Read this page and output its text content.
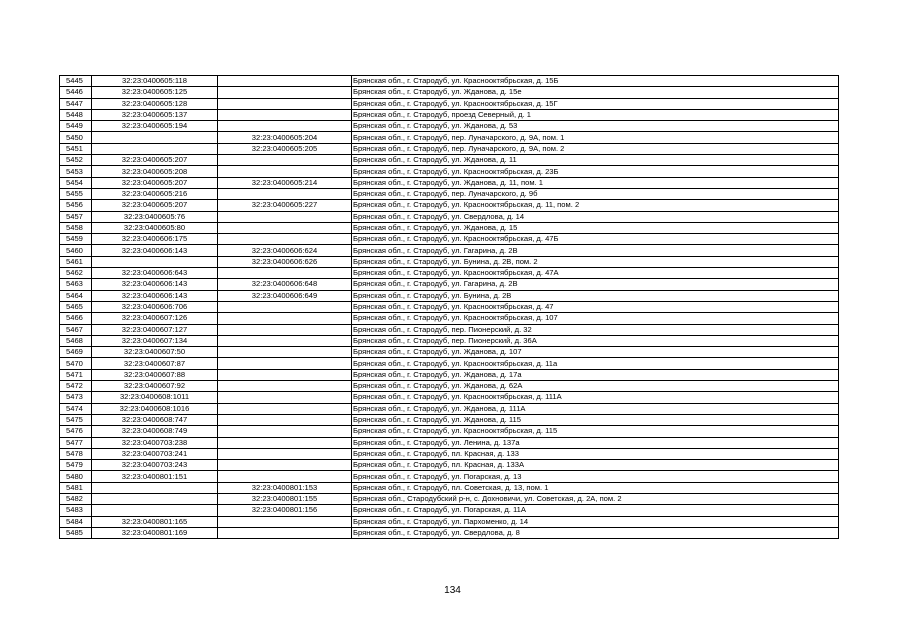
5445	32:23:0400605:118		Брянская обл., г. Стародуб, ул. Краснооктябрьская, д. 15Б
5446	32:23:0400605:125		Брянская обл., г. Стародуб, ул. Жданова, д. 15е
5447	32:23:0400605:128		Брянская обл., г. Стародуб, ул. Краснооктябрьская, д. 15Г
5448	32:23:0400605:137		Брянская обл., г. Стародуб, проезд Северный, д. 1
5449	32:23:0400605:194		Брянская обл., г. Стародуб, ул. Жданова, д. 53
5450		32:23:0400605:204	Брянская обл., г. Стародуб, пер. Луначарского, д. 9А, пом. 1
5451		32:23:0400605:205	Брянская обл., г. Стародуб, пер. Луначарского, д. 9А, пом. 2
5452	32:23:0400605:207		Брянская обл., г. Стародуб, ул. Жданова, д. 11
5453	32:23:0400605:208		Брянская обл., г. Стародуб, ул. Краснооктябрьская, д. 23Б
5454	32:23:0400605:207	32:23:0400605:214	Брянская обл., г. Стародуб, ул. Жданова, д. 11, пом. 1
5455	32:23:0400605:216		Брянская обл., г. Стародуб, пер. Луначарского, д. 9б
5456	32:23:0400605:207	32:23:0400605:227	Брянская обл., г. Стародуб, ул. Краснооктябрьская, д. 11, пом. 2
5457	32:23:0400605:76		Брянская обл., г. Стародуб, ул. Свердлова, д. 14
5458	32:23:0400605:80		Брянская обл., г. Стародуб, ул. Жданова, д. 15
5459	32:23:0400606:175		Брянская обл., г. Стародуб, ул. Краснооктябрьская, д. 47Б
5460	32:23:0400606:143	32:23:0400606:624	Брянская обл., г. Стародуб, ул. Гагарина, д. 2В
5461		32:23:0400606:626	Брянская обл., г. Стародуб, ул. Бунина, д. 2В, пом. 2
5462	32:23:0400606:643		Брянская обл., г. Стародуб, ул. Краснооктябрьская, д. 47А
5463	32:23:0400606:143	32:23:0400606:648	Брянская обл., г. Стародуб, ул. Гагарина, д. 2В
5464	32:23:0400606:143	32:23:0400606:649	Брянская обл., г. Стародуб, ул. Бунина, д. 2В
5465	32:23:0400606:706		Брянская обл., г. Стародуб, ул. Краснооктябрьская, д. 47
5466	32:23:0400607:126		Брянская обл., г. Стародуб, ул. Краснооктябрьская, д. 107
5467	32:23:0400607:127		Брянская обл., г. Стародуб, пер. Пионерский, д. 32
5468	32:23:0400607:134		Брянская обл., г. Стародуб, пер. Пионерский, д. 36А
5469	32:23:0400607:50		Брянская обл., г. Стародуб, ул. Жданова, д. 107
5470	32:23:0400607:87		Брянская обл., г. Стародуб, ул. Краснооктябрьская, д. 11а
5471	32:23:0400607:88		Брянская обл., г. Стародуб, ул. Жданова, д. 17а
5472	32:23:0400607:92		Брянская обл., г. Стародуб, ул. Жданова, д. 62А
5473	32:23:0400608:1011		Брянская обл., г. Стародуб, ул. Краснооктябрьская, д. 111А
5474	32:23:0400608:1016		Брянская обл., г. Стародуб, ул. Жданова, д. 111А
5475	32:23:0400608:747		Брянская обл., г. Стародуб, ул. Жданова, д. 115
5476	32:23:0400608:749		Брянская обл., г. Стародуб, ул. Краснооктябрьская, д. 115
5477	32:23:0400703:238		Брянская обл., г. Стародуб, ул. Ленина, д. 137а
5478	32:23:0400703:241		Брянская обл., г. Стародуб, пл. Красная, д. 133
5479	32:23:0400703:243		Брянская обл., г. Стародуб, пл. Красная, д. 133А
5480	32:23:0400801:151		Брянская обл., г. Стародуб, ул. Погарская, д. 13
5481		32:23:0400801:153	Брянская обл., г. Стародуб, пл. Советская, д. 13, пом. 1
5482		32:23:0400801:155	Брянская обл., Стародубский р-н, с. Дохновичи, ул. Советская, д. 2А, пом. 2
5483		32:23:0400801:156	Брянская обл., г. Стародуб, ул. Погарская, д. 11А
5484	32:23:0400801:165		Брянская обл., г. Стародуб, ул. Пархоменко, д. 14
5485	32:23:0400801:169		Брянская обл., г. Стародуб, ул. Свердлова, д. 8
134
